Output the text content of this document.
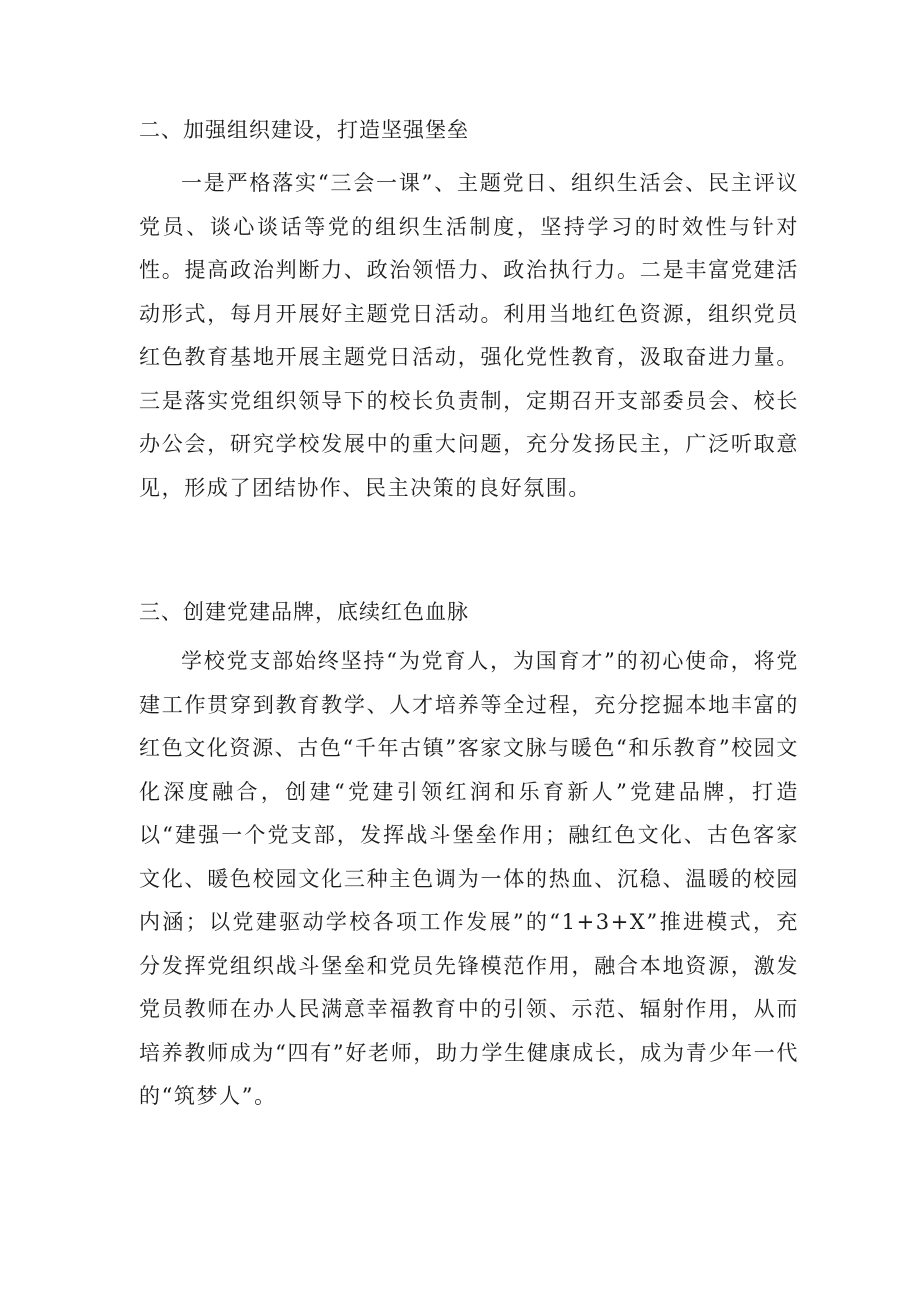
二、加强组织建设，打造坚强堡垒

一是严格落实“三会一课”、主题党日、组织生活会、民主评议党员、谈心谈话等党的组织生活制度，坚持学习的时效性与针对性。提高政治判断力、政治领悟力、政治执行力。二是丰富党建活动形式，每月开展好主题党日活动。利用当地红色资源，组织党员红色教育基地开展主题党日活动，强化党性教育，汲取奋进力量。三是落实党组织领导下的校长负责制，定期召开支部委员会、校长办公会，研究学校发展中的重大问题，充分发扬民主，广泛听取意见，形成了团结协作、民主决策的良好氛围。

三、创建党建品牌，底续红色血脉

学校党支部始终坚持“为党育人，为国育才”的初心使命，将党建工作贯穿到教育教学、人才培养等全过程，充分挖掘本地丰富的红色文化资源、古色“千年古镇”客家文脉与暖色“和乐教育”校园文化深度融合，创建“党建引领红润和乐育新人”党建品牌，打造以“建强一个党支部，发挥战斗堡垒作用；融红色文化、古色客家文化、暖色校园文化三种主色调为一体的热血、沉稳、温暖的校园内涵；以党建驱动学校各项工作发展”的“1+3+X”推进模式，充分发挥党组织战斗堡垒和党员先锋模范作用，融合本地资源，激发党员教师在办人民满意幸福教育中的引领、示范、辐射作用，从而培养教师成为“四有”好老师，助力学生健康成长，成为青少年一代的“筑梦人”。
